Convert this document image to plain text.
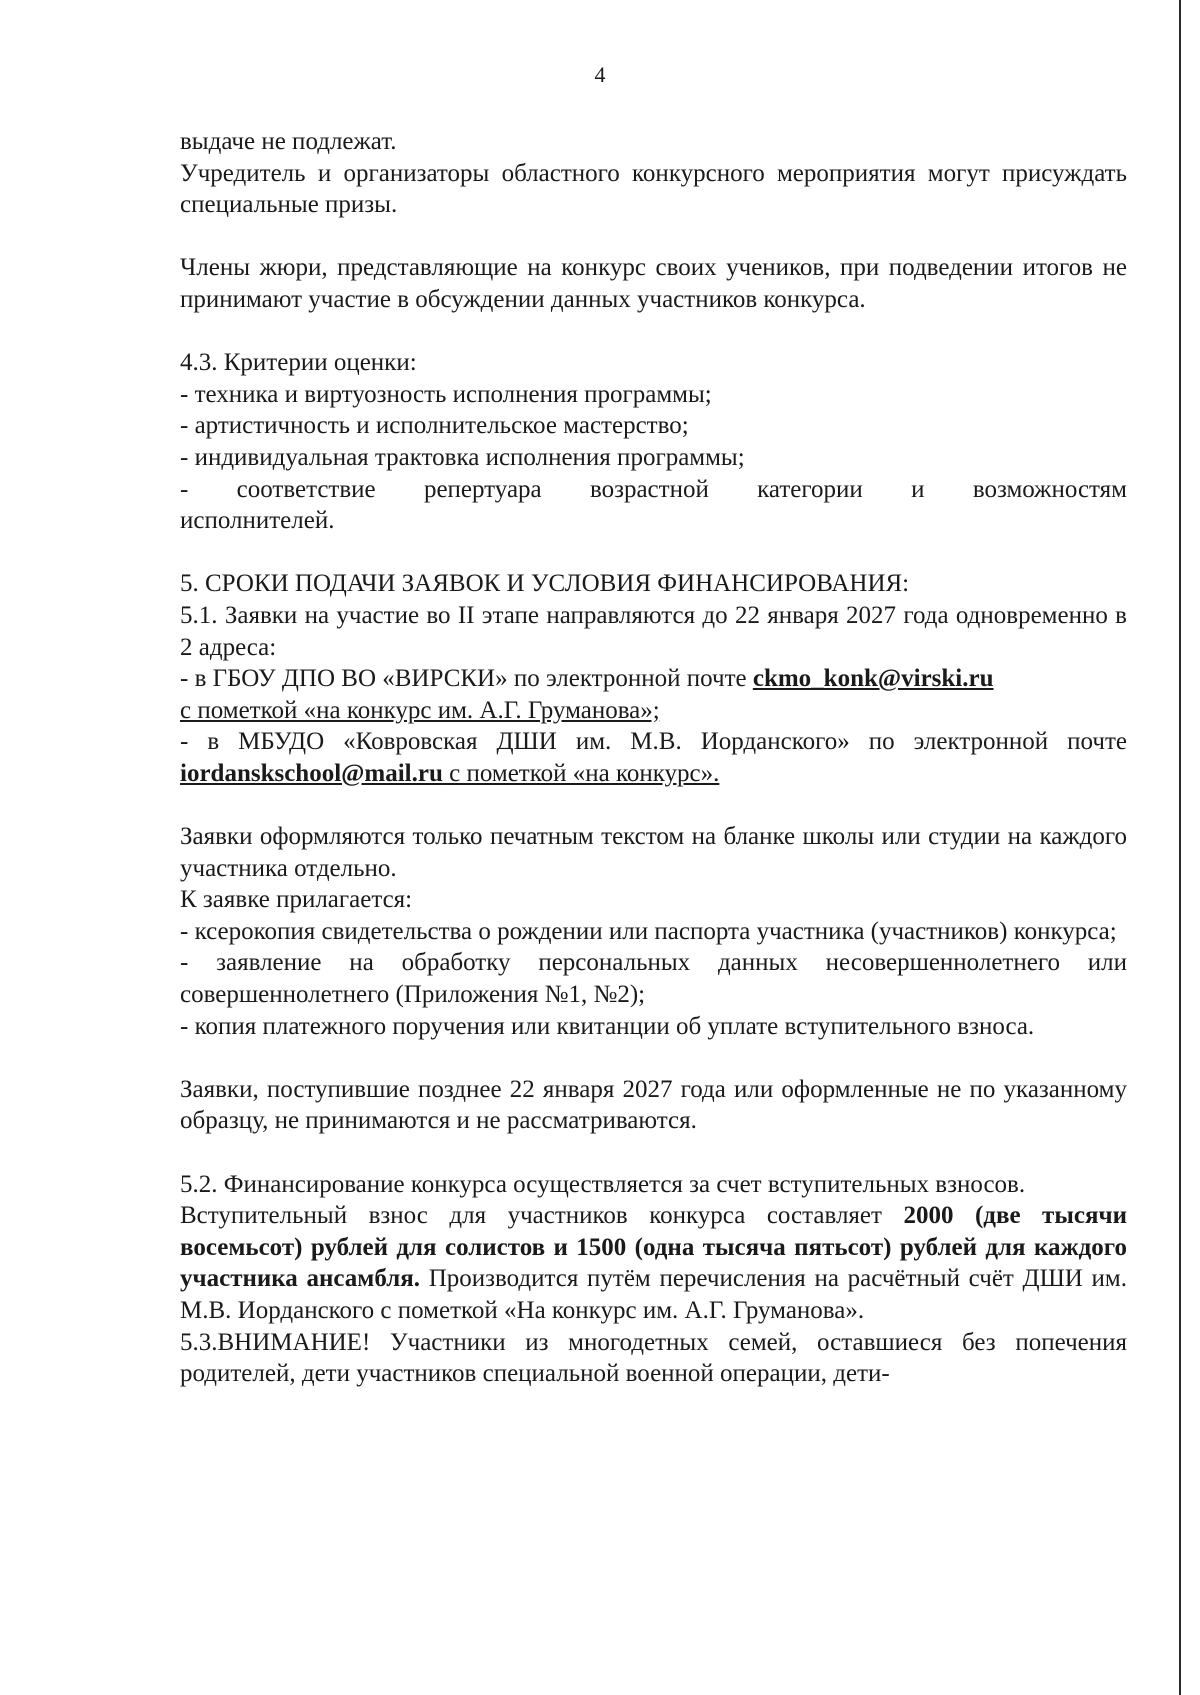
4

выдаче не подлежат.

Учредитель и организаторы областного конкурсного мероприятия могут присуждать специальные призы.

Члены жюри, представляющие на конкурс своих учеников, при подведении итогов не принимают участие в обсуждении данных участников конкурса.

4.3. Критерии оценки:

- техника и виртуозность исполнения программы;

- артистичность и исполнительское мастерство;

- индивидуальная трактовка исполнения программы;

- соответствие репертуара возрастной категории и возможностям

исполнителей.

5. СРОКИ ПОДАЧИ ЗАЯВОК И УСЛОВИЯ ФИНАНСИРОВАНИЯ:

5.1. Заявки на участие во II этапе направляются до 22 января 2027 года одновременно в 2 адреса:

- в ГБОУ ДПО ВО «ВИРСКИ» по электронной почте ckmo_konk@virski.ru

с пометкой «на конкурс им. А.Г. Груманова»;

- в МБУДО «Ковровская ДШИ им. М.В. Иорданского» по электронной почте iordanskschool@mail.ru с пометкой «на конкурс».

Заявки оформляются только печатным текстом на бланке школы или студии на каждого участника отдельно.

К заявке прилагается:

- ксерокопия свидетельства о рождении или паспорта участника (участников) конкурса;

- заявление на обработку персональных данных несовершеннолетнего или совершеннолетнего (Приложения №1, №2);

- копия платежного поручения или квитанции об уплате вступительного взноса.

Заявки, поступившие позднее 22 января 2027 года или оформленные не по указанному образцу, не принимаются и не рассматриваются.

5.2. Финансирование конкурса осуществляется за счет вступительных взносов.

Вступительный взнос для участников конкурса составляет 2000 (две тысячи восемьсот) рублей для солистов и 1500 (одна тысяча пятьсот) рублей для каждого участника ансамбля. Производится путём перечисления на расчётный счёт ДШИ им. М.В. Иорданского с пометкой «На конкурс им. А.Г. Груманова».

5.3.ВНИМАНИЕ! Участники из многодетных семей, оставшиеся без попечения родителей, дети участников специальной военной операции, дети-
